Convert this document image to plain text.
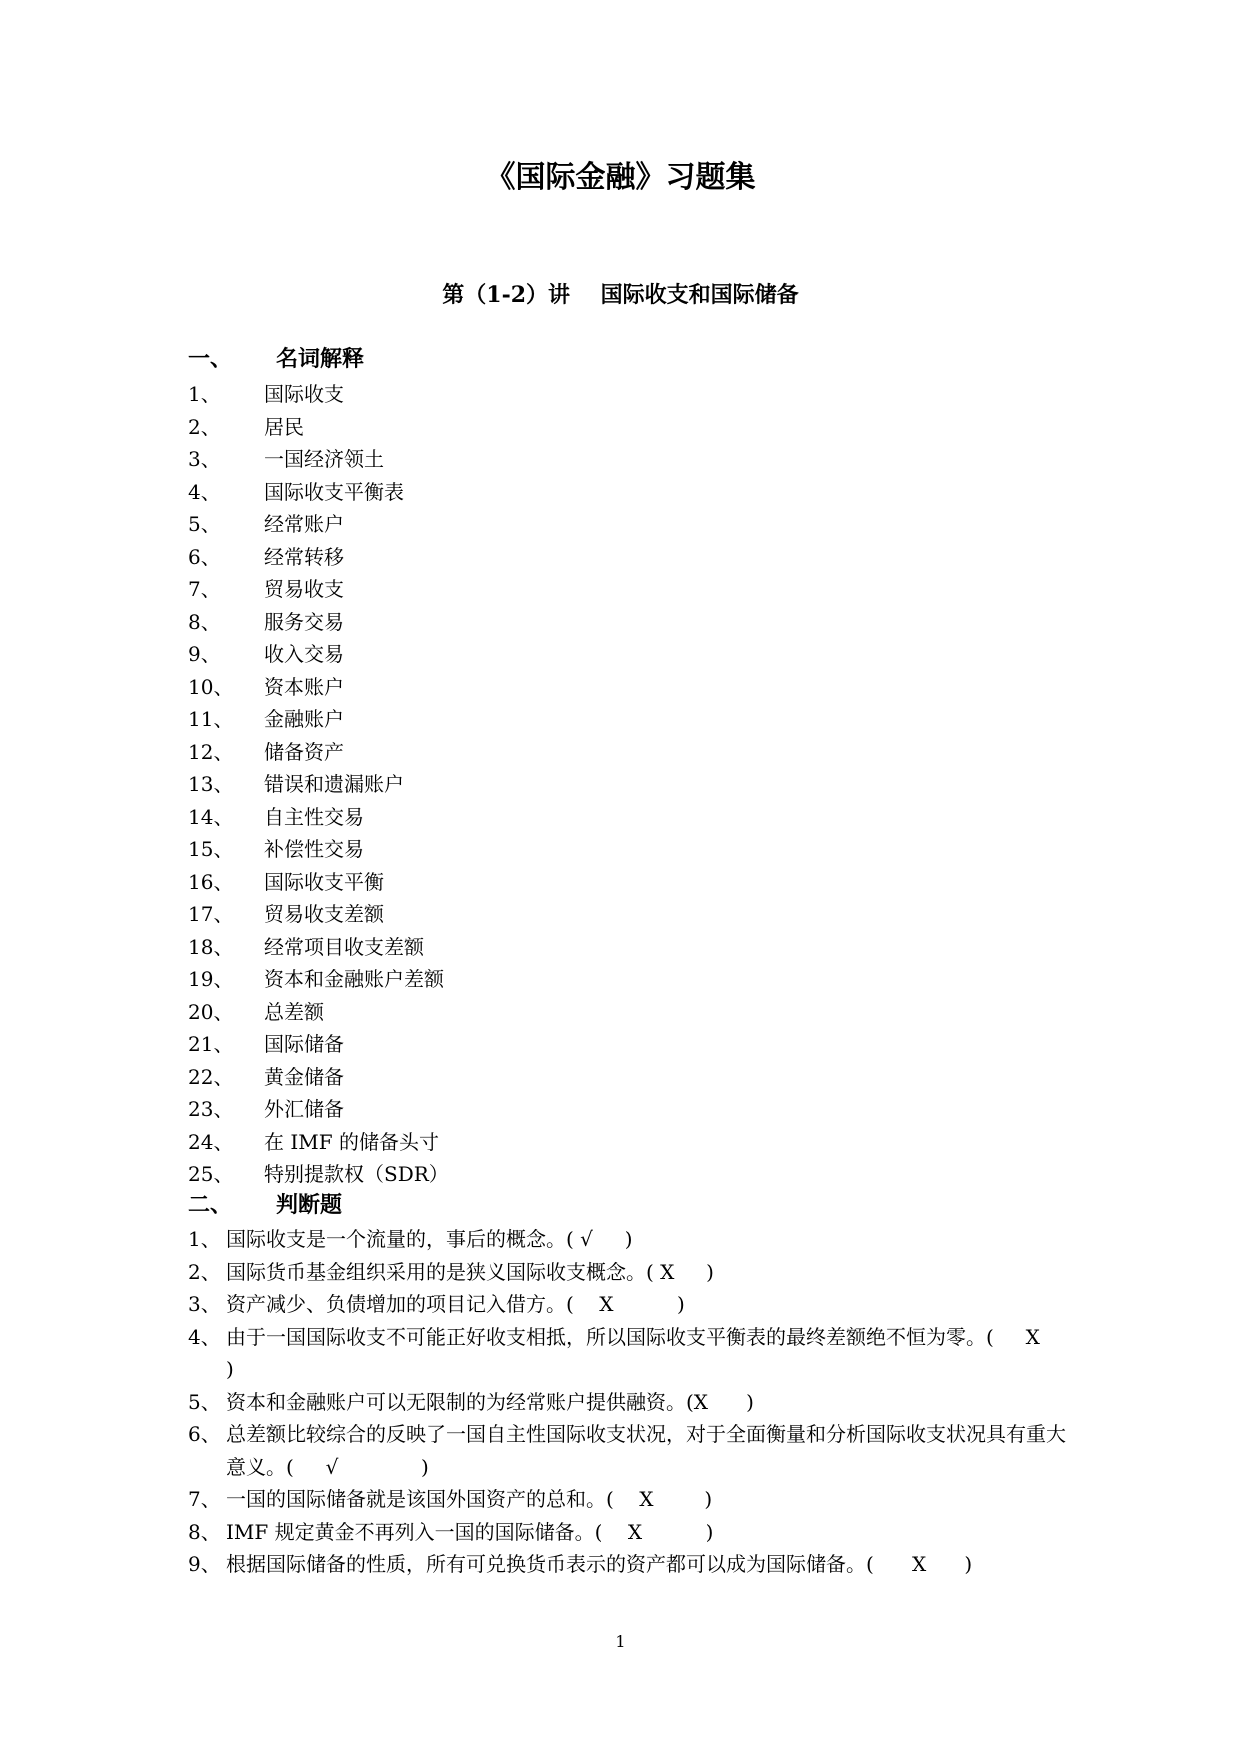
《国际金融》习题集
第（1-2）讲    国际收支和国际储备
一、 名词解释
1、 国际收支
2、 居民
3、 一国经济领土
4、 国际收支平衡表
5、 经常账户
6、 经常转移
7、 贸易收支
8、 服务交易
9、 收入交易
10、 资本账户
11、 金融账户
12、 储备资产
13、 错误和遗漏账户
14、 自主性交易
15、 补偿性交易
16、 国际收支平衡
17、 贸易收支差额
18、 经常项目收支差额
19、 资本和金融账户差额
20、 总差额
21、 国际储备
22、 黄金储备
23、 外汇储备
24、 在 IMF 的储备头寸
25、 特别提款权（SDR）
二、 判断题
1、 国际收支是一个流量的，事后的概念。( √     )
2、 国际货币基金组织采用的是狭义国际收支概念。( X     )
3、 资产减少、负债增加的项目记入借方。(    X          )
4、 由于一国国际收支不可能正好收支相抵，所以国际收支平衡表的最终差额绝不恒为零。(     X     )
5、 资本和金融账户可以无限制的为经常账户提供融资。(X      )
6、 总差额比较综合的反映了一国自主性国际收支状况，对于全面衡量和分析国际收支状况具有重大意义。(     √             )
7、 一国的国际储备就是该国外国资产的总和。(    X        )
8、 IMF 规定黄金不再列入一国的国际储备。(    X          )
9、 根据国际储备的性质，所有可兑换货币表示的资产都可以成为国际储备。(      X      )
1
